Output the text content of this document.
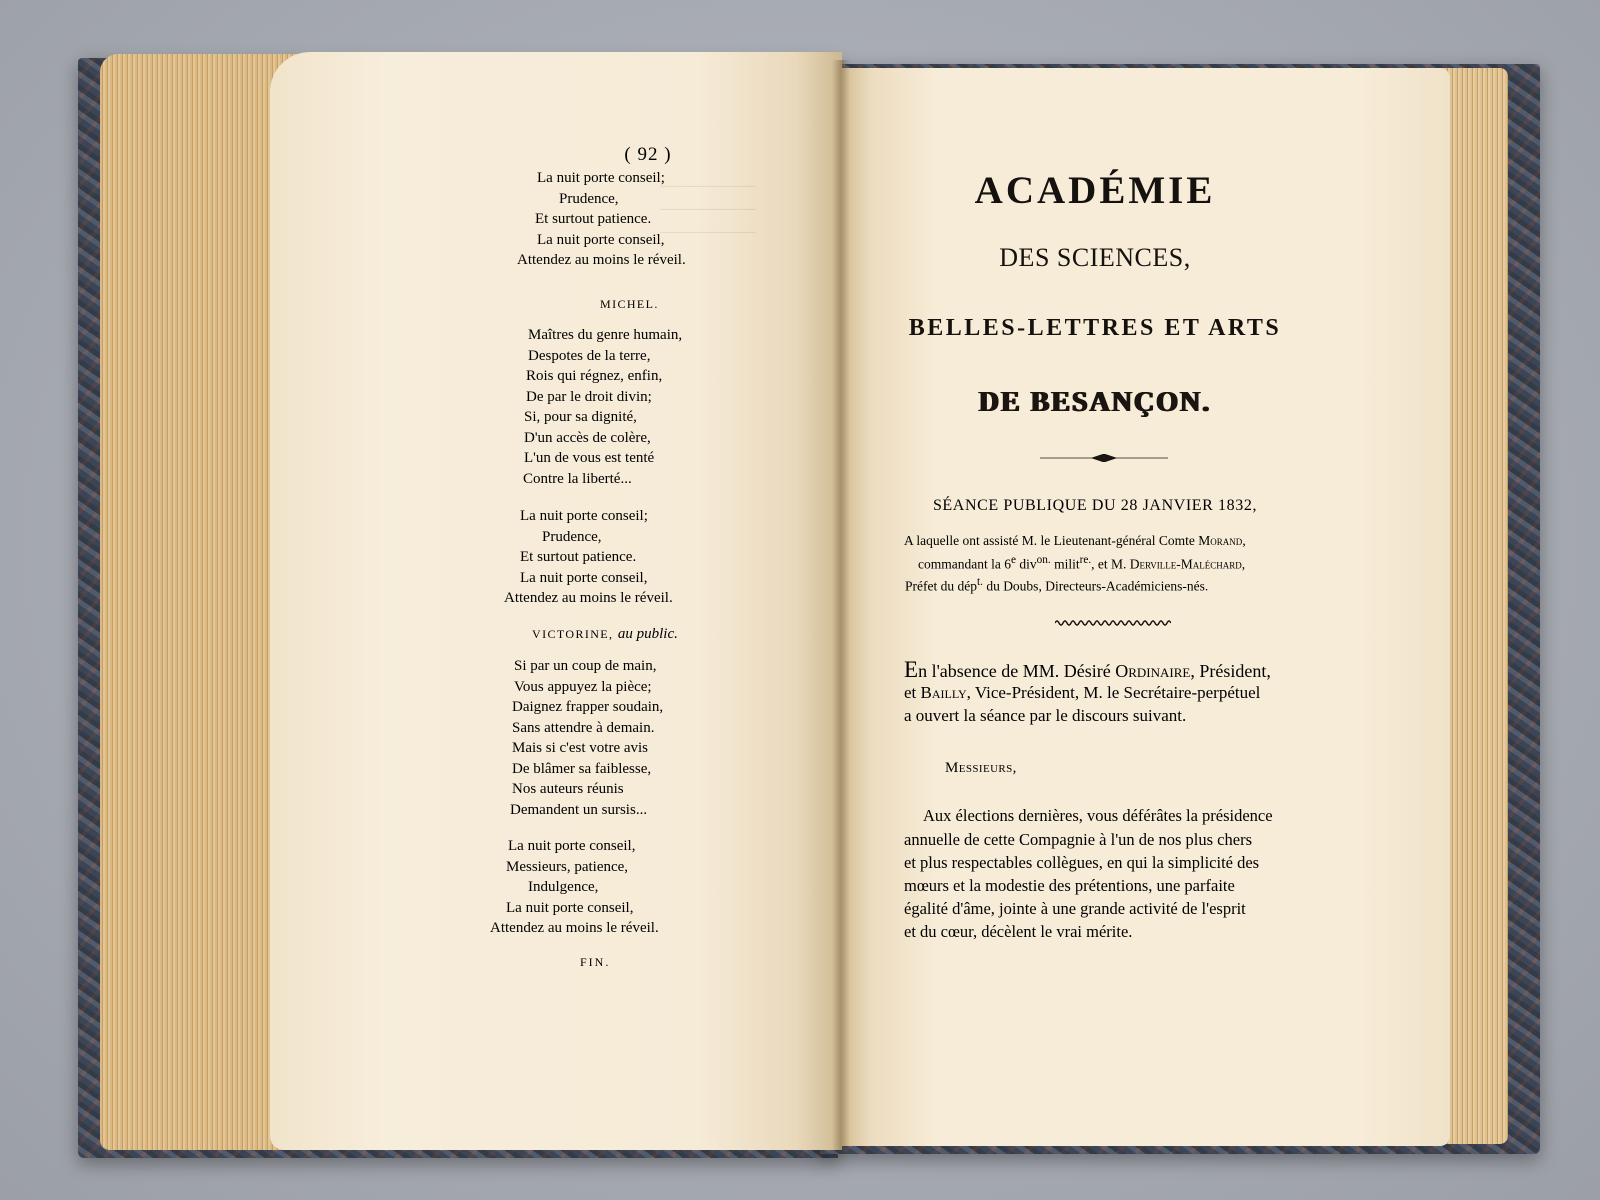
─────────
─────────
─────────
( 92 )
La nuit porte conseil;
Prudence,
Et surtout patience.
La nuit porte conseil,
Attendez au moins le réveil.
MICHEL.
Maîtres du genre humain,
Despotes de la terre,
Rois qui régnez, enfin,
De par le droit divin;
Si, pour sa dignité,
D'un accès de colère,
L'un de vous est tenté
Contre la liberté...
La nuit porte conseil;
Prudence,
Et surtout patience.
La nuit porte conseil,
Attendez au moins le réveil.
VICTORINE, au public.
Si par un coup de main,
Vous appuyez la pièce;
Daignez frapper soudain,
Sans attendre à demain.
Mais si c'est votre avis
De blâmer sa faiblesse,
Nos auteurs réunis
Demandent un sursis...
La nuit porte conseil,
Messieurs, patience,
Indulgence,
La nuit porte conseil,
Attendez au moins le réveil.
FIN.
ACADÉMIE
DES SCIENCES,
BELLES-LETTRES ET ARTS
DE BESANÇON.
SÉANCE PUBLIQUE DU 28 JANVIER 1832,
A laquelle ont assisté M. le Lieutenant-général Comte Morand,
commandant la 6e div$^{on.}$ milit$^{re.}$, et M. Derville-Maléchard,
Préfet du dép$^{t.}$ du Doubs, Directeurs-Académiciens-nés.
En l'absence de MM. Désiré Ordinaire, Président,
et Bailly, Vice-Président, M. le Secrétaire-perpétuel
a ouvert la séance par le discours suivant.
Messieurs,
Aux élections dernières, vous déférâtes la présidence
annuelle de cette Compagnie à l'un de nos plus chers
et plus respectables collègues, en qui la simplicité des
mœurs et la modestie des prétentions, une parfaite
égalité d'âme, jointe à une grande activité de l'esprit
et du cœur, décèlent le vrai mérite.
